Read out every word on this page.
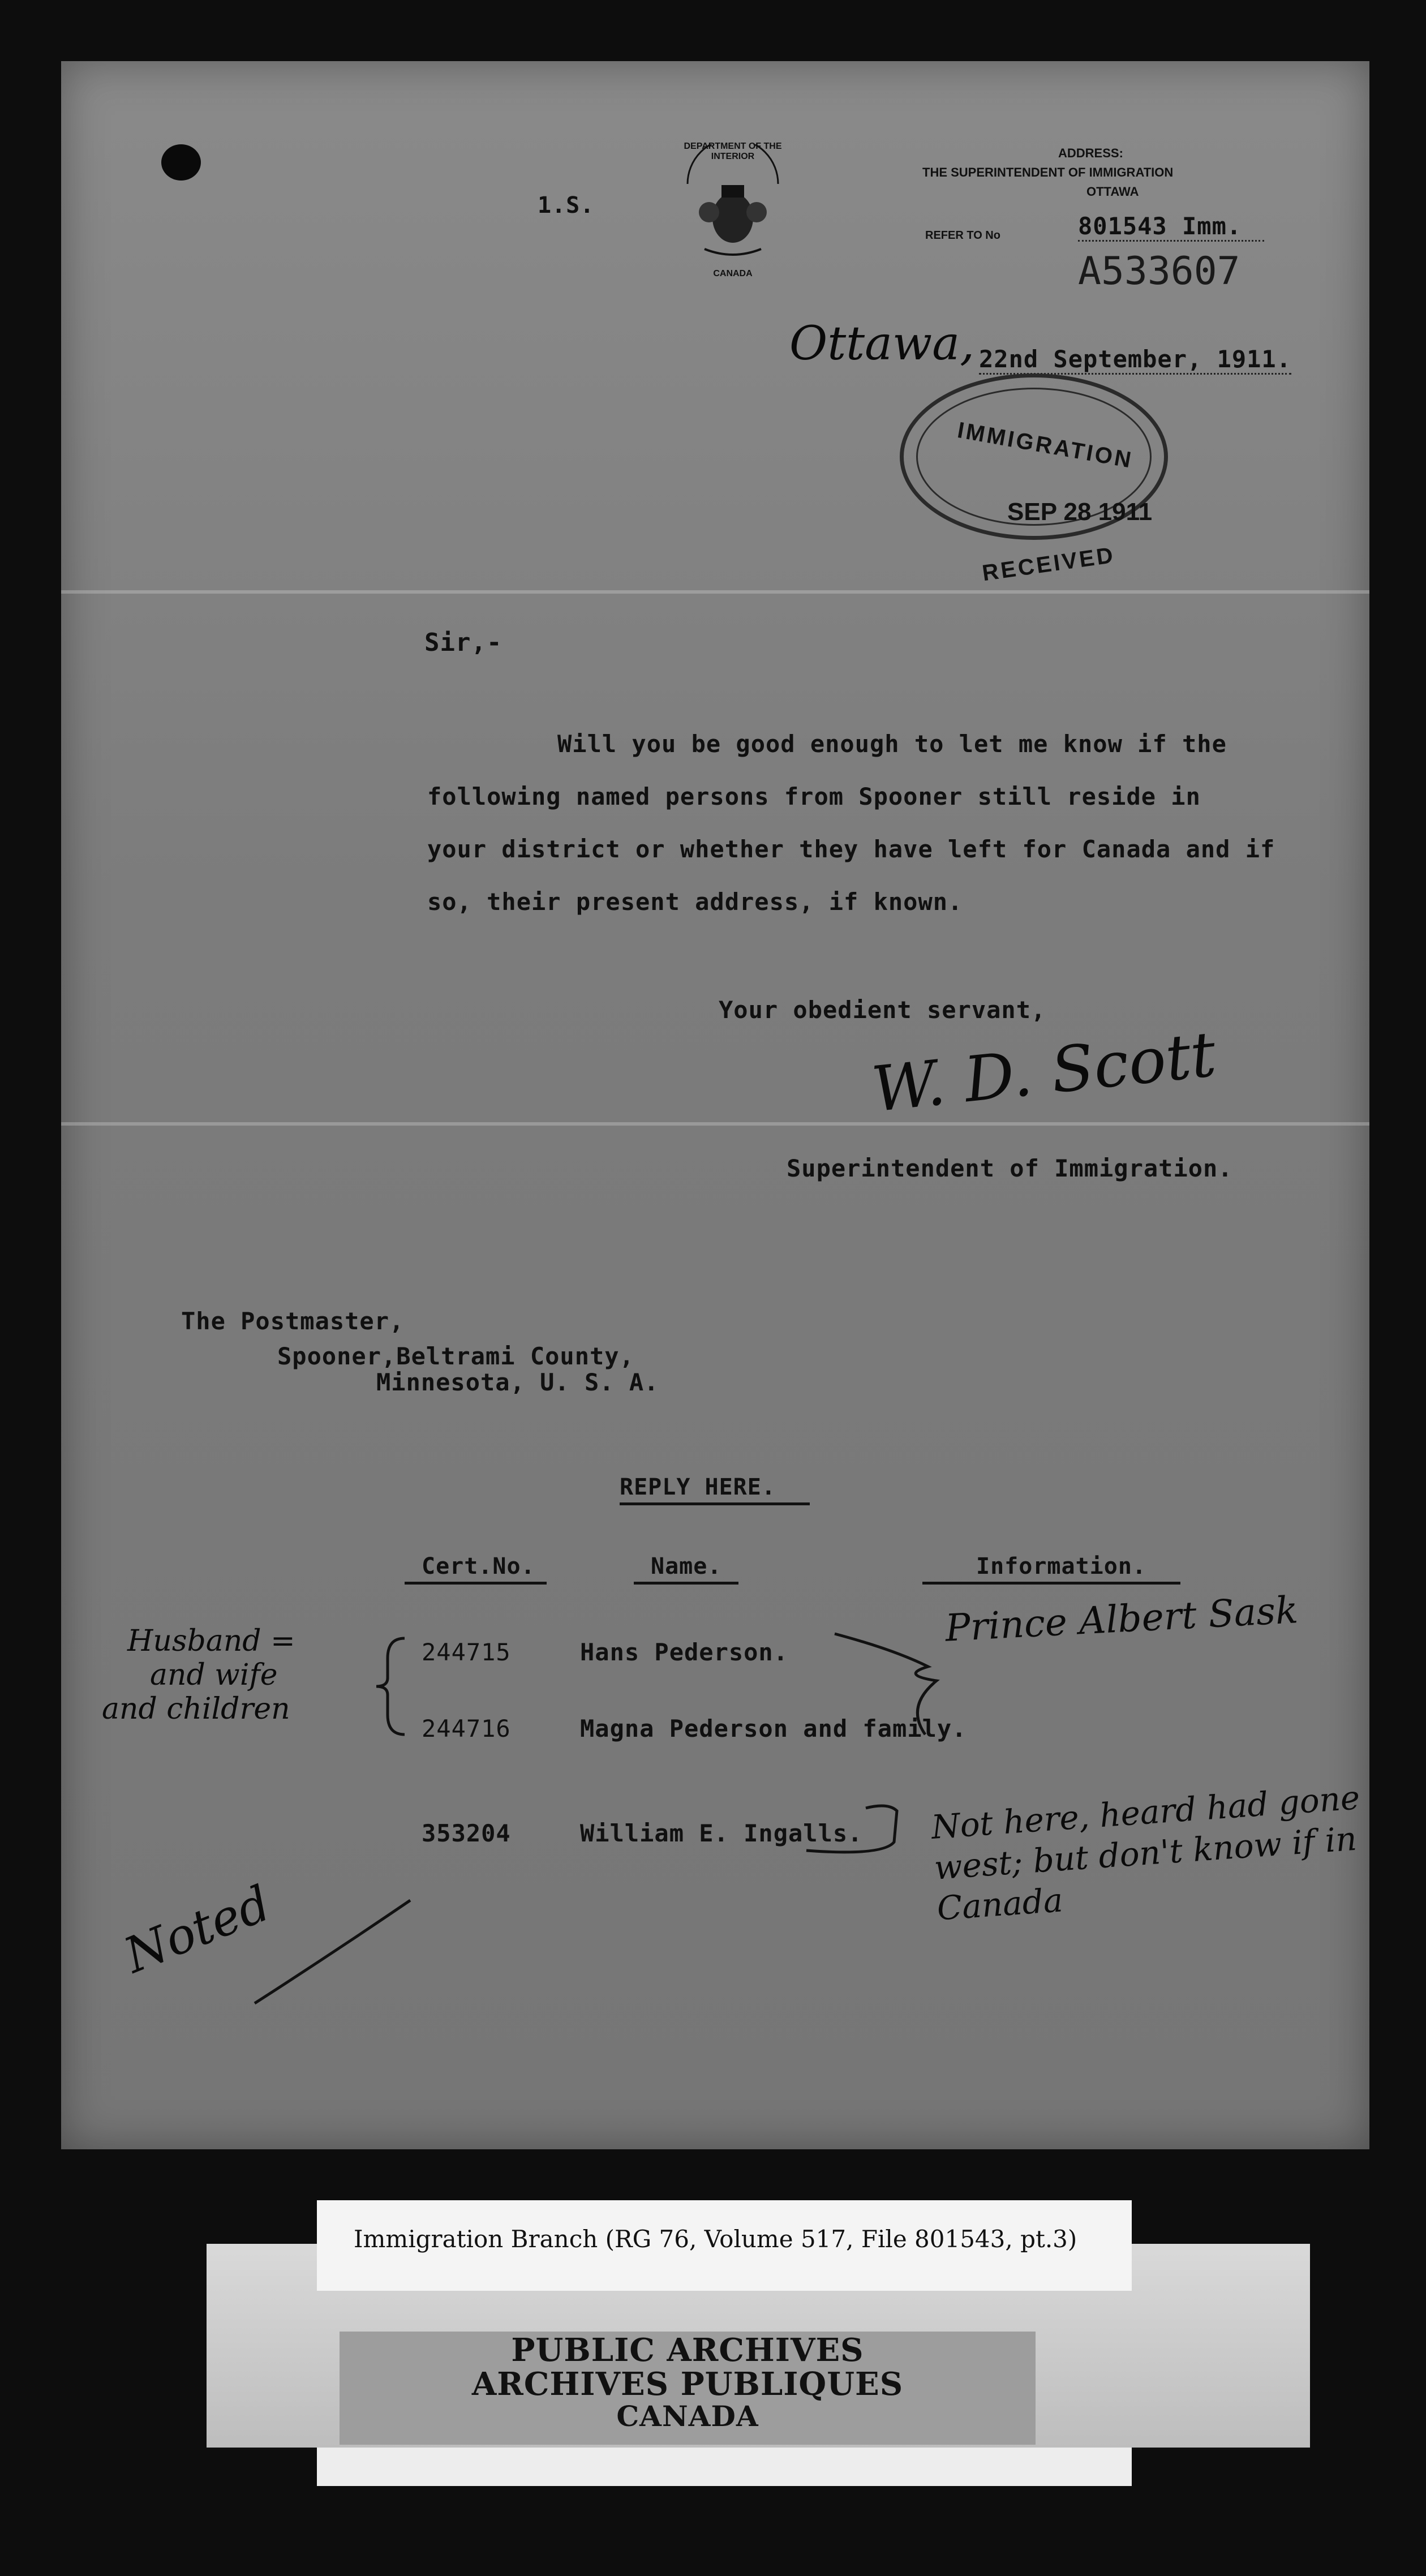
1.S.
DEPARTMENT OF THE INTERIOR
CANADA
ADDRESS:
THE SUPERINTENDENT OF IMMIGRATION
OTTAWA
REFER TO No	801543 Imm.
A533607
Ottawa, 22nd September, 1911.
IMMIGRATION
SEP 28 1911
RECEIVED
Sir,-
Will you be good enough to let me know if the
following named persons from Spooner still reside in
your district or whether they have left for Canada and if
so, their present address, if known.
Your obedient servant,
W. D. Scott
Superintendent of Immigration.
The Postmaster,
Spooner,Beltrami County,
Minnesota, U. S. A.
REPLY HERE.
Cert.No.	Name.	Information.
Husband =
and wife
and children
244715	Hans Pederson.
Prince Albert Sask
244716	Magna Pederson and family.
353204	William E. Ingalls. Not here, heard had gone west; but don't know if in Canada
Noted
Immigration Branch (RG 76, Volume 517, File 801543, pt.3)
PUBLIC ARCHIVES
ARCHIVES PUBLIQUES
CANADA
